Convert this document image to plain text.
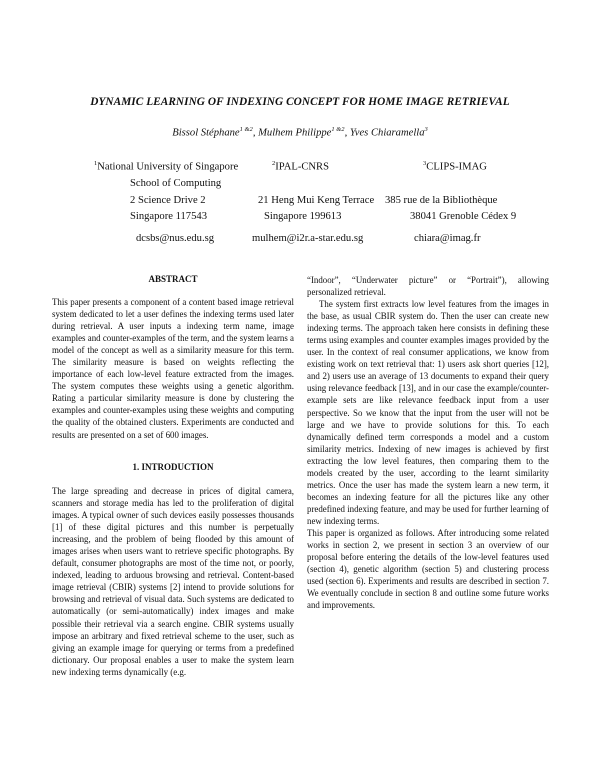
DYNAMIC LEARNING OF INDEXING CONCEPT FOR HOME IMAGE RETRIEVAL
Bissol Stéphane$^{1 \&2}$, Mulhem Philippe$^{1 \&2}$, Yves Chiaramella$^3$
$^1$National University of Singapore
School of Computing
2 Science Drive 2
Singapore 117543
dcsbs@nus.edu.sg
$^2$IPAL-CNRS
21 Heng Mui Keng Terrace
Singapore 199613
mulhem@i2r.a-star.edu.sg
$^3$CLIPS-IMAG
385 rue de la Bibliothèque
38041 Grenoble Cédex 9
chiara@imag.fr
ABSTRACT

This paper presents a component of a content based image retrieval system dedicated to let a user defines the indexing terms used later during retrieval. A user inputs a indexing term name, image examples and counter-examples of the term, and the system learns a model of the concept as well as a similarity measure for this term. The similarity measure is based on weights reflecting the importance of each low-level feature extracted from the images. The system computes these weights using a genetic algorithm. Rating a particular similarity measure is done by clustering the examples and counter-examples using these weights and computing the quality of the obtained clusters. Experiments are conducted and results are presented on a set of 600 images.

1. INTRODUCTION

The large spreading and decrease in prices of digital camera, scanners and storage media has led to the proliferation of digital images. A typical owner of such devices easily possesses thousands [1] of these digital pictures and this number is perpetually increasing, and the problem of being flooded by this amount of images arises when users want to retrieve specific photographs. By default, consumer photographs are most of the time not, or poorly, indexed, leading to arduous browsing and retrieval. Content-based image retrieval (CBIR) systems [2] intend to provide solutions for browsing and retrieval of visual data. Such systems are dedicated to automatically (or semi-automatically) index images and make possible their retrieval via a search engine. CBIR systems usually impose an arbitrary and fixed retrieval scheme to the user, such as giving an example image for querying or terms from a predefined dictionary. Our proposal enables a user to make the system learn new indexing terms dynamically (e.g.

“Indoor”, “Underwater picture” or “Portrait”), allowing personalized retrieval.

The system first extracts low level features from the images in the base, as usual CBIR system do. Then the user can create new indexing terms. The approach taken here consists in defining these terms using examples and counter examples images provided by the user. In the context of real consumer applications, we know from existing work on text retrieval that: 1) users ask short queries [12], and 2) users use an average of 13 documents to expand their query using relevance feedback [13], and in our case the example/counter-example sets are like relevance feedback input from a user perspective. So we know that the input from the user will not be large and we have to provide solutions for this. To each dynamically defined term corresponds a model and a custom similarity metrics. Indexing of new images is achieved by first extracting the low level features, then comparing them to the models created by the user, according to the learnt similarity metrics. Once the user has made the system learn a new term, it becomes an indexing feature for all the pictures like any other predefined indexing feature, and may be used for further learning of new indexing terms.

This paper is organized as follows. After introducing some related works in section 2, we present in section 3 an overview of our proposal before entering the details of the low-level features used (section 4), genetic algorithm (section 5) and clustering process used (section 6). Experiments and results are described in section 7. We eventually conclude in section 8 and outline some future works and improvements.
